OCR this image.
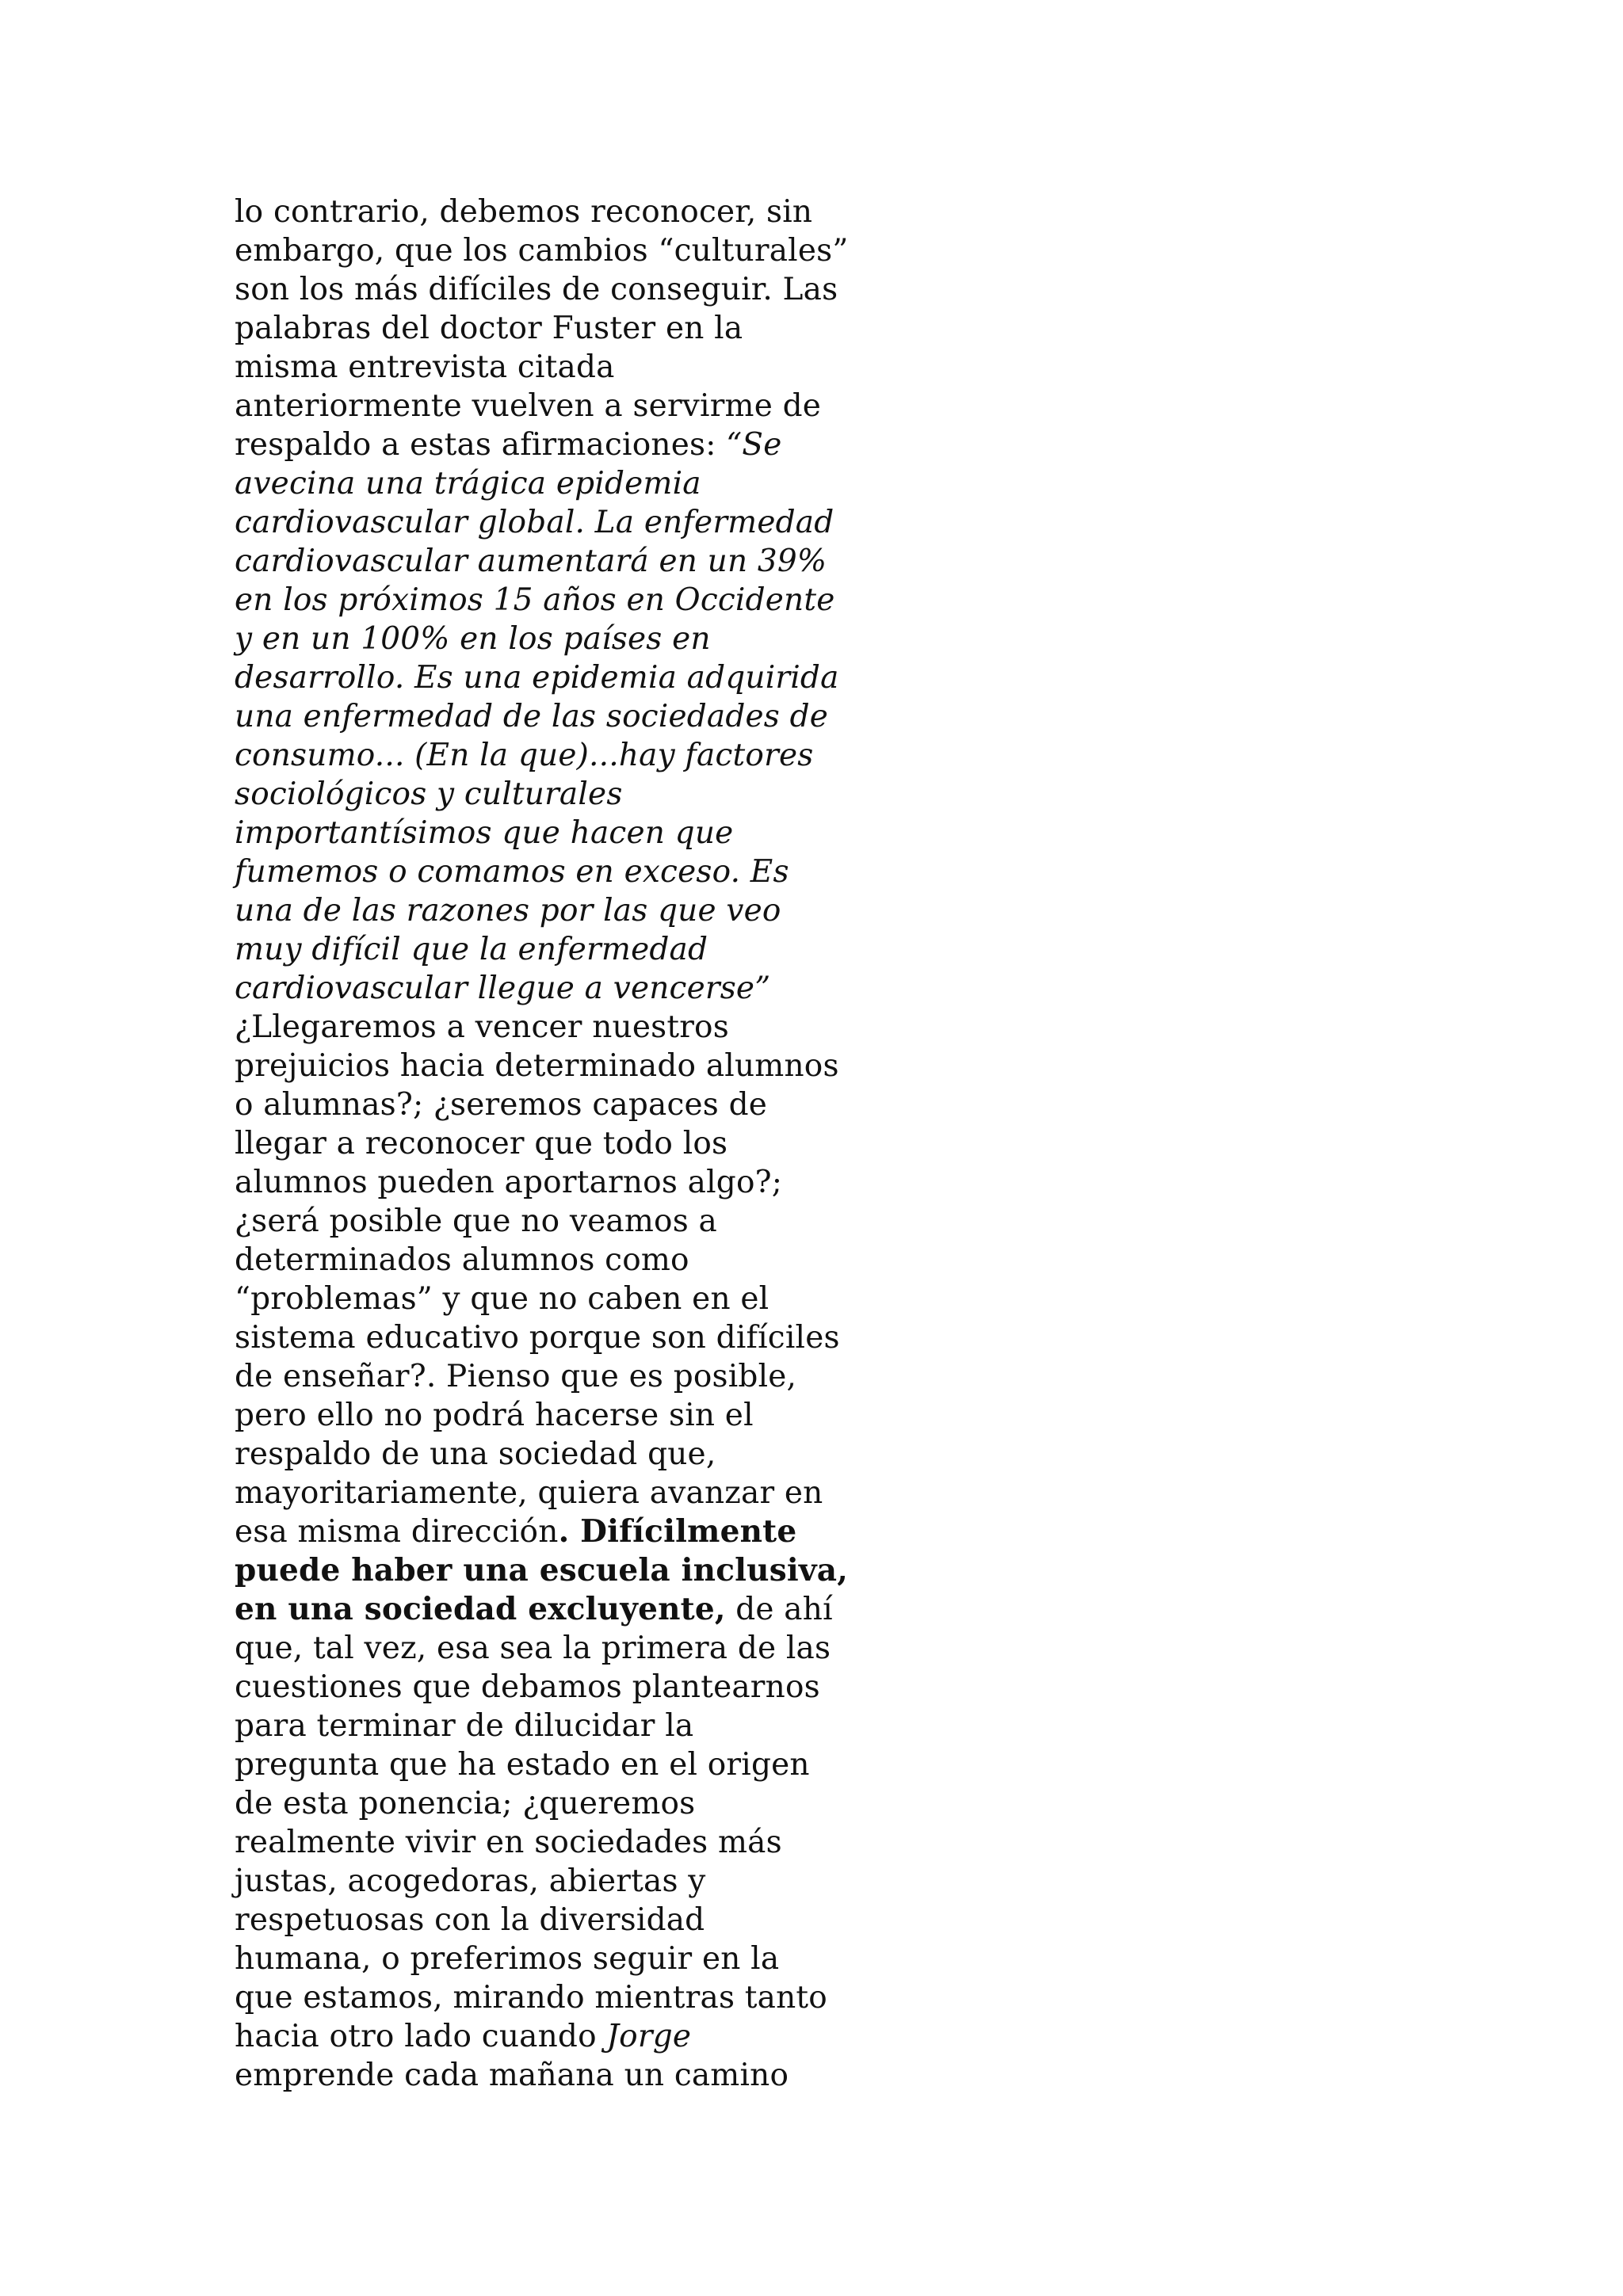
lo contrario, debemos reconocer, sin
embargo, que los cambios “culturales”
son los más difíciles de conseguir. Las
palabras del doctor Fuster en la
misma entrevista citada
anteriormente vuelven a servirme de
respaldo a estas afirmaciones: “Se
avecina una trágica epidemia
cardiovascular global. La enfermedad
cardiovascular aumentará en un 39%
en los próximos 15 años en Occidente
y en un 100% en los países en
desarrollo. Es una epidemia adquirida
una enfermedad de las sociedades de
consumo... (En la que)...hay factores
sociológicos y culturales
importantísimos que hacen que
fumemos o comamos en exceso. Es
una de las razones por las que veo
muy difícil que la enfermedad
cardiovascular llegue a vencerse”
¿Llegaremos a vencer nuestros
prejuicios hacia determinado alumnos
o alumnas?; ¿seremos capaces de
llegar a reconocer que todo los
alumnos pueden aportarnos algo?;
¿será posible que no veamos a
determinados alumnos como
“problemas” y que no caben en el
sistema educativo porque son difíciles
de enseñar?. Pienso que es posible,
pero ello no podrá hacerse sin el
respaldo de una sociedad que,
mayoritariamente, quiera avanzar en
esa misma dirección. Difícilmente
puede haber una escuela inclusiva,
en una sociedad excluyente, de ahí
que, tal vez, esa sea la primera de las
cuestiones que debamos plantearnos
para terminar de dilucidar la
pregunta que ha estado en el origen
de esta ponencia; ¿queremos
realmente vivir en sociedades más
justas, acogedoras, abiertas y
respetuosas con la diversidad
humana, o preferimos seguir en la
que estamos, mirando mientras tanto
hacia otro lado cuando Jorge
emprende cada mañana un camino
